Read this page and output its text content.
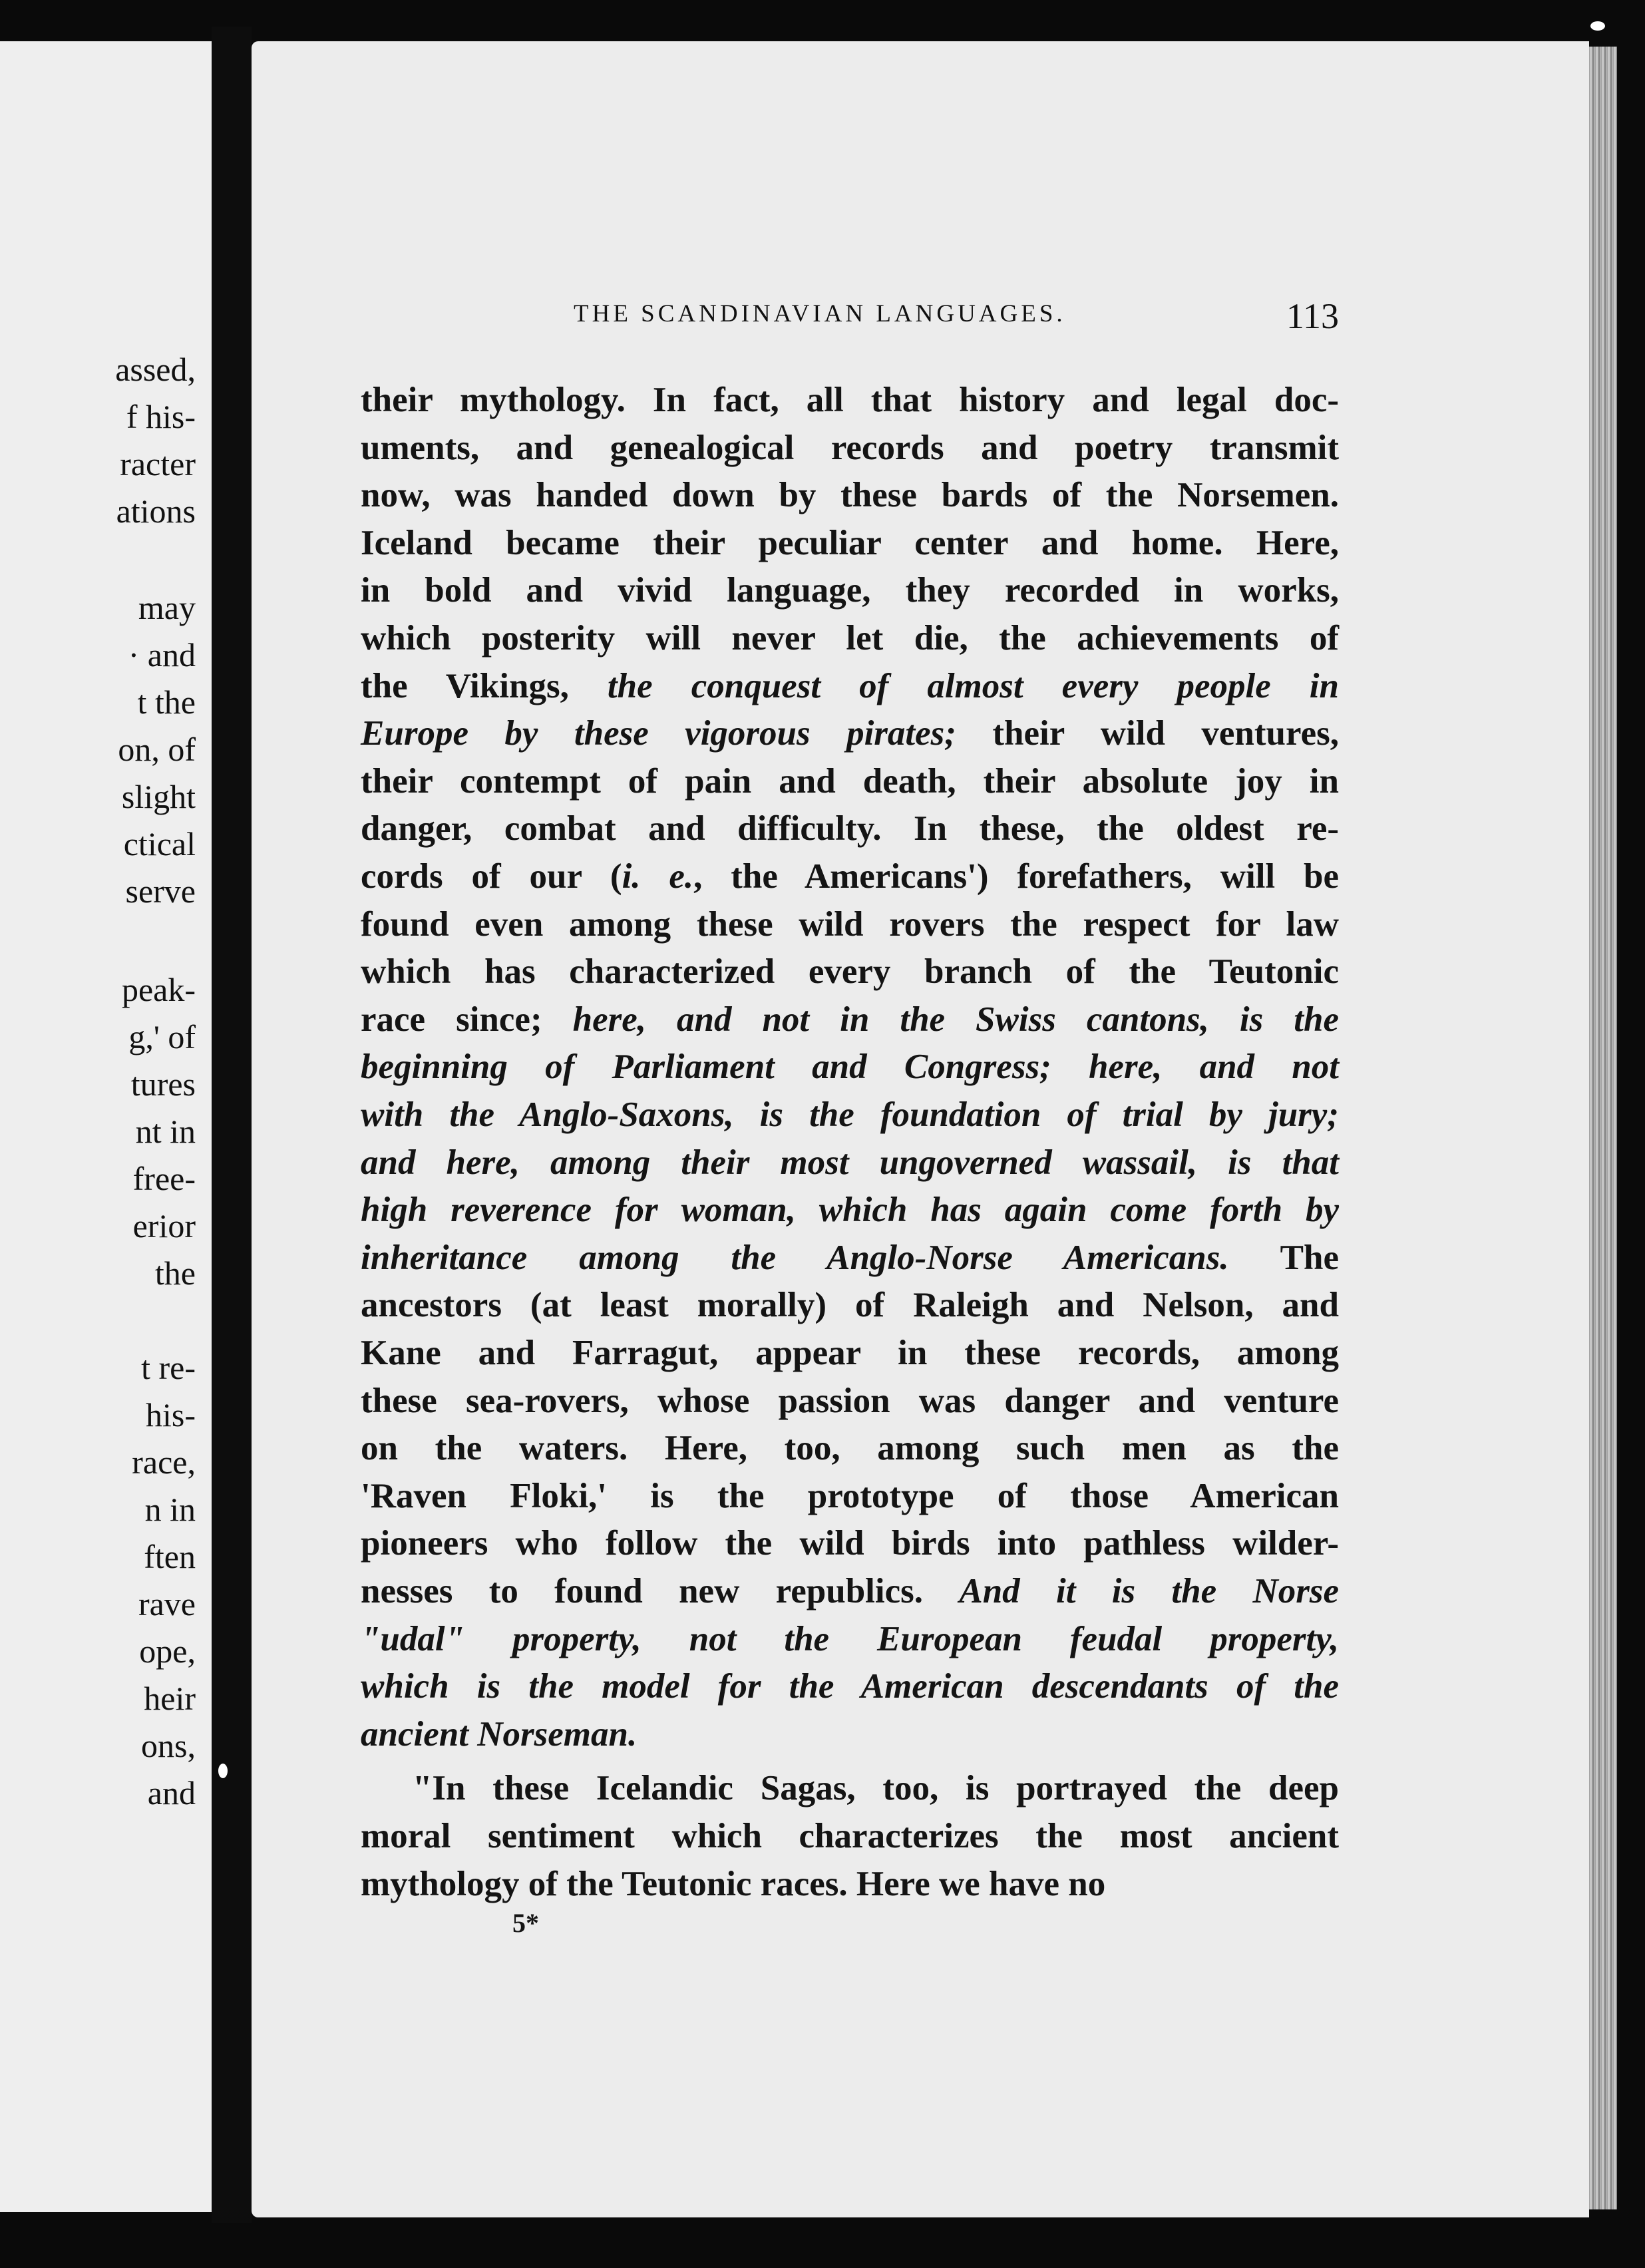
assed,
f his-
racter
ations
may
· and
t the
on, of
slight
ctical
serve
peak-
g,' of
tures
nt in
free-
erior
the
t re-
his-
race,
n in
ften
rave
ope,
heir
ons,
and
THE SCANDINAVIAN LANGUAGES.	113
their mythology. In fact, all that history and legal doc-
uments, and genealogical records and poetry transmit
now, was handed down by these bards of the Norsemen.
Iceland became their peculiar center and home. Here,
in bold and vivid language, they recorded in works,
which posterity will never let die, the achievements of
the Vikings, the conquest of almost every people in
Europe by these vigorous pirates; their wild ventures,
their contempt of pain and death, their absolute joy in
danger, combat and difficulty. In these, the oldest re-
cords of our (i. e., the Americans') forefathers, will be
found even among these wild rovers the respect for law
which has characterized every branch of the Teutonic
race since; here, and not in the Swiss cantons, is the
beginning of Parliament and Congress; here, and not
with the Anglo-Saxons, is the foundation of trial by jury;
and here, among their most ungoverned wassail, is that
high reverence for woman, which has again come forth by
inheritance among the Anglo-Norse Americans. The
ancestors (at least morally) of Raleigh and Nelson, and
Kane and Farragut, appear in these records, among
these sea-rovers, whose passion was danger and venture
on the waters. Here, too, among such men as the
'Raven Floki,' is the prototype of those American
pioneers who follow the wild birds into pathless wilder-
nesses to found new republics. And it is the Norse
"udal" property, not the European feudal property,
which is the model for the American descendants of the
ancient Norseman.
"In these Icelandic Sagas, too, is portrayed the deep
moral sentiment which characterizes the most ancient
mythology of the Teutonic races. Here we have no
5*
